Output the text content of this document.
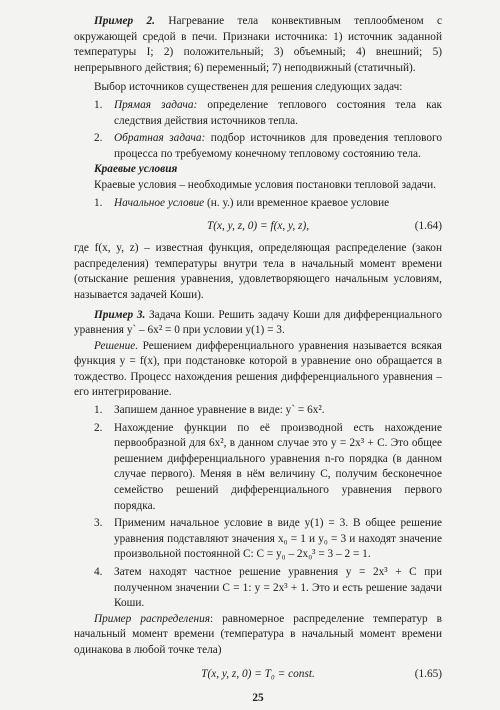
Пример 2. Нагревание тела конвективным теплообменом с окружающей средой в печи. Признаки источника: 1) источник заданной температуры I; 2) положительный; 3) объемный; 4) внешний; 5) непрерывного действия; 6) переменный; 7) неподвижный (статичный).

Выбор источников существенен для решения следующих задач:

1. Прямая задача: определение теплового состояния тела как следствия действия источников тепла.
2. Обратная задача: подбор источников для проведения теплового процесса по требуемому конечному тепловому состоянию тела.

Краевые условия

Краевые условия – необходимые условия постановки тепловой задачи.

1. Начальное условие (н. у.) или временное краевое условие
T(x, y, z, 0) = f(x, y, z),	(1.64)

где f(x, y, z) – известная функция, определяющая распределение (закон распределения) температуры внутри тела в начальный момент времени (отыскание решения уравнения, удовлетворяющего начальным условиям, называется задачей Коши).

Пример 3. Задача Коши. Решить задачу Коши для дифференциального уравнения y` – 6x² = 0 при условии y(1) = 3.

Решение. Решением дифференциального уравнения называется всякая функция y = f(x), при подстановке которой в уравнение оно обращается в тождество. Процесс нахождения решения дифференциального уравнения – его интегрирование.

1. Запишем данное уравнение в виде: y` = 6x².
2. Нахождение функции по её производной есть нахождение первообразной для 6x², в данном случае это y = 2x³ + C. Это общее решением дифференциального уравнения n-го порядка (в данном случае первого). Меняя в нём величину C, получим бесконечное семейство решений дифференциального уравнения первого порядка.
3. Применим начальное условие в виде y(1) = 3. В общее решение уравнения подставляют значения x₀ = 1 и y₀ = 3 и находят значение произвольной постоянной C: C = y₀ – 2x₀³ = 3 – 2 = 1.
4. Затем находят частное решение уравнения y = 2x³ + C при полученном значении C = 1: y = 2x³ + 1. Это и есть решение задачи Коши.

Пример распределения: равномерное распределение температур в начальный момент времени (температура в начальный момент времени одинакова в любой точке тела)

T(x, y, z, 0) = T₀ = const.	(1.65)
25
